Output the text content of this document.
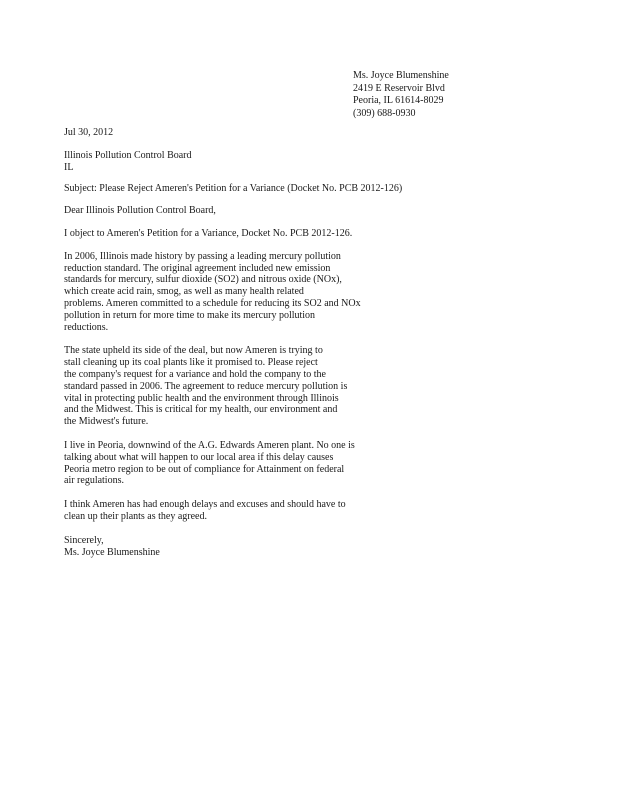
Ms. Joyce Blumenshine
2419 E Reservoir Blvd
Peoria, IL 61614-8029
(309) 688-0930
Jul 30, 2012
Illinois Pollution Control Board
IL
Subject: Please Reject Ameren's Petition for a Variance (Docket No. PCB 2012-126)
Dear Illinois Pollution Control Board,
I object to Ameren's Petition for a Variance, Docket No. PCB 2012-126.
In 2006, Illinois made history by passing a leading mercury pollution
reduction standard. The original agreement included new emission
standards for mercury, sulfur dioxide (SO2) and nitrous oxide (NOx),
which create acid rain, smog, as well as many health related
problems. Ameren committed to a schedule for reducing its SO2 and NOx
pollution in return for more time to make its mercury pollution
reductions.
The state upheld its side of the deal, but now Ameren is trying to
stall cleaning up its coal plants like it promised to. Please reject
the company's request for a variance and hold the company to the
standard passed in 2006. The agreement to reduce mercury pollution is
vital in protecting public health and the environment through Illinois
and the Midwest. This is critical for my health, our environment and
the Midwest's future.
I live in Peoria, downwind of the A.G. Edwards Ameren plant. No one is
talking about what will happen to our local area if this delay causes
Peoria metro region to be out of compliance for Attainment on federal
air regulations.
I think Ameren has had enough delays and excuses and should have to
clean up their plants as they agreed.
Sincerely,
Ms. Joyce Blumenshine
